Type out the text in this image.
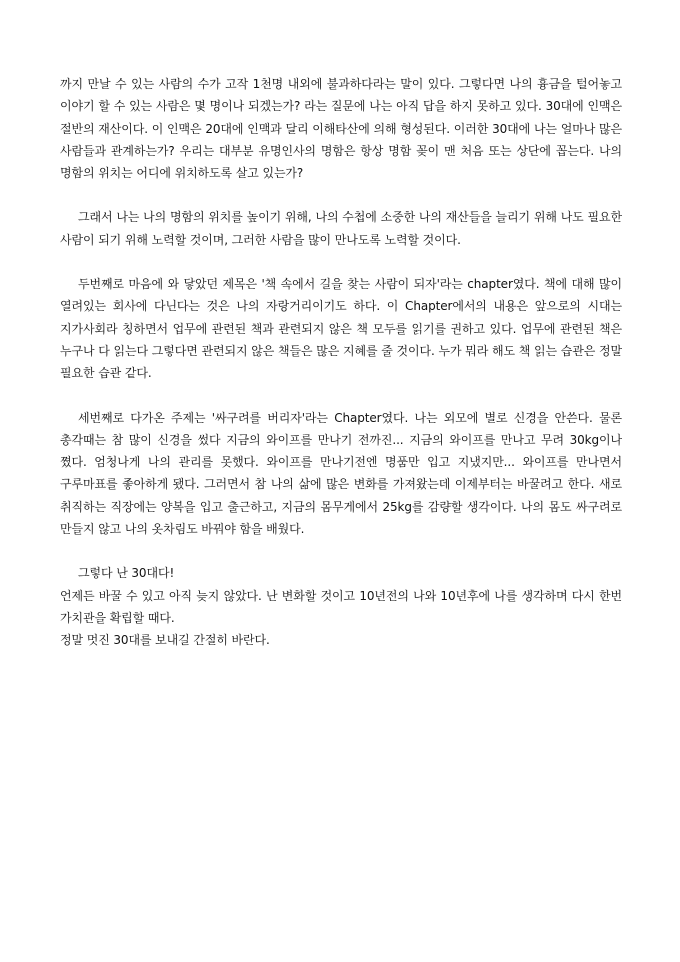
까지 만날 수 있는 사람의 수가 고작 1천명 내외에 불과하다라는 말이 있다. 그렇다면 나의 흉금을 털어놓고 이야기 할 수 있는 사람은 몇 명이나 되겠는가? 라는 질문에 나는 아직 답을 하지 못하고 있다. 30대에 인맥은 절반의 재산이다. 이 인맥은 20대에 인맥과 달리 이해타산에 의해 형성된다. 이러한 30대에 나는 얼마나 많은 사람들과 관계하는가? 우리는 대부분 유명인사의 명함은 항상 명함 꽂이 맨 처음 또는 상단에 꼽는다. 나의 명함의 위치는 어디에 위치하도록 살고 있는가?

그래서 나는 나의 명함의 위치를 높이기 위해, 나의 수첩에 소중한 나의 재산들을 늘리기 위해 나도 필요한 사람이 되기 위해 노력할 것이며, 그러한 사람을 많이 만나도록 노력할 것이다.

두번째로 마음에 와 닿았던 제목은 '책 속에서 길을 찾는 사람이 되자'라는 chapter였다. 책에 대해 많이 열려있는 회사에 다닌다는 것은 나의 자랑거리이기도 하다. 이 Chapter에서의 내용은 앞으로의 시대는 지가사회라 칭하면서 업무에 관련된 책과 관련되지 않은 책 모두를 읽기를 권하고 있다. 업무에 관련된 책은 누구나 다 읽는다 그렇다면 관련되지 않은 책들은 많은 지혜를 줄 것이다. 누가 뭐라 해도 책 읽는 습관은 정말 필요한 습관 같다.

세번째로 다가온 주제는 '싸구려를 버리자'라는 Chapter였다. 나는 외모에 별로 신경을 안쓴다. 물론 총각때는 참 많이 신경을 썼다 지금의 와이프를 만나기 전까진... 지금의 와이프를 만나고 무려 30kg이나 쪘다. 엄청나게 나의 관리를 못했다. 와이프를 만나기전엔 명품만 입고 지냈지만... 와이프를 만나면서 구루마표를 좋아하게 됐다. 그러면서 참 나의 삶에 많은 변화를 가져왔는데 이제부터는 바꿀려고 한다. 새로 취직하는 직장에는 양복을 입고 출근하고, 지금의 몸무게에서 25kg를 감량할 생각이다. 나의 몸도 싸구려로 만들지 않고 나의 옷차림도 바꿔야 함을 배웠다.

그렇다 난 30대다!

언제든 바꿀 수 있고 아직 늦지 않았다. 난 변화할 것이고 10년전의 나와 10년후에 나를 생각하며 다시 한번 가치관을 확립할 때다.

정말 멋진 30대를 보내길 간절히 바란다.
